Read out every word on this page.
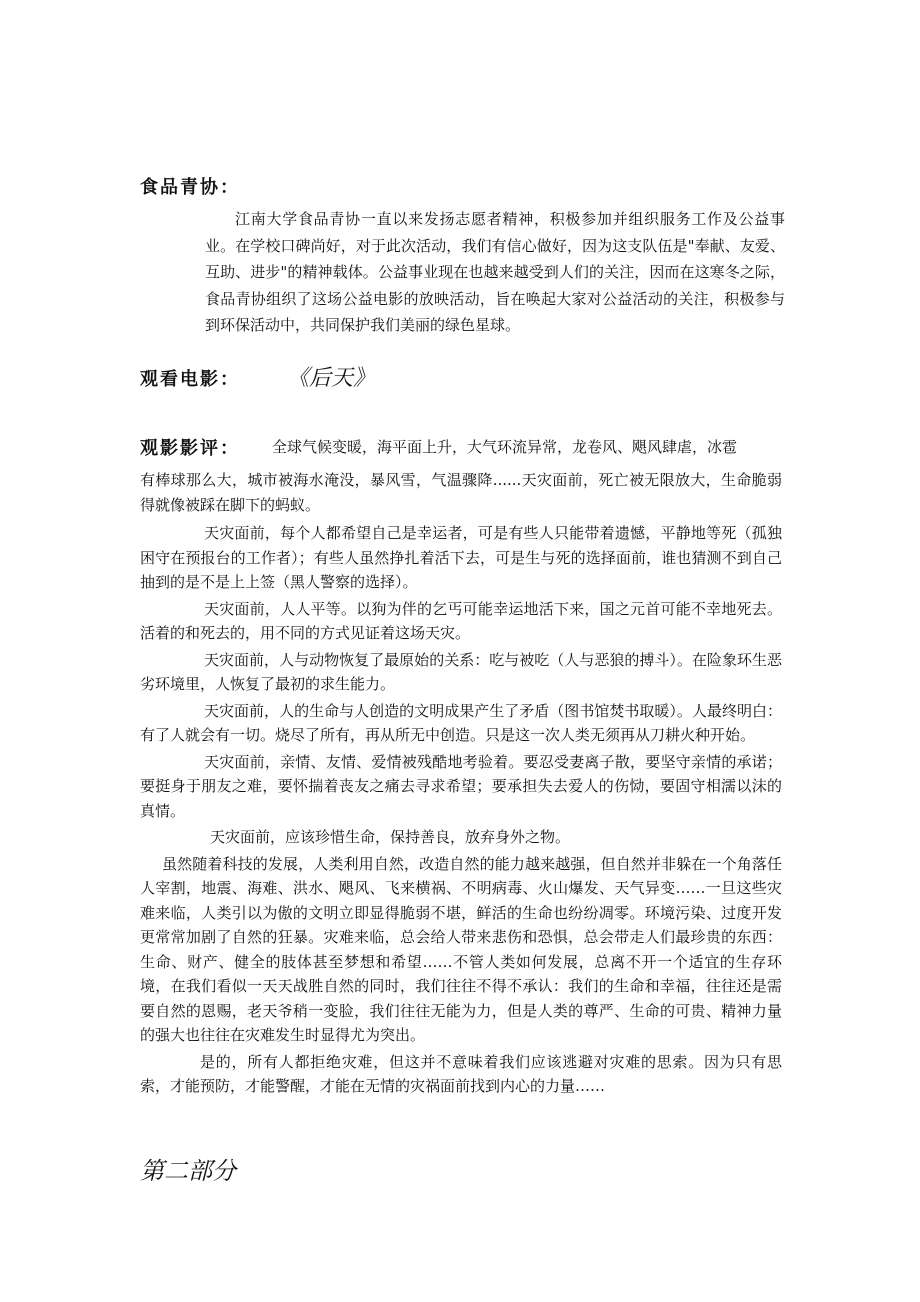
食品青协：

江南大学食品青协一直以来发扬志愿者精神，积极参加并组织服务工作及公益事业。在学校口碑尚好，对于此次活动，我们有信心做好，因为这支队伍是"奉献、友爱、互助、进步"的精神载体。公益事业现在也越来越受到人们的关注，因而在这寒冬之际，食品青协组织了这场公益电影的放映活动，旨在唤起大家对公益活动的关注，积极参与到环保活动中，共同保护我们美丽的绿色星球。

观看电影： 《后天》
观影影评： 全球气候变暖，海平面上升，大气环流异常，龙卷风、飓风肆虐，冰雹

有棒球那么大，城市被海水淹没，暴风雪，气温骤降......天灾面前，死亡被无限放大，生命脆弱得就像被踩在脚下的蚂蚁。

天灾面前，每个人都希望自己是幸运者，可是有些人只能带着遗憾，平静地等死（孤独困守在预报台的工作者）；有些人虽然挣扎着活下去，可是生与死的选择面前，谁也猜测不到自己抽到的是不是上上签（黑人警察的选择）。

天灾面前，人人平等。以狗为伴的乞丐可能幸运地活下来，国之元首可能不幸地死去。活着的和死去的，用不同的方式见证着这场天灾。

天灾面前，人与动物恢复了最原始的关系：吃与被吃（人与恶狼的搏斗）。在险象环生恶劣环境里，人恢复了最初的求生能力。

天灾面前，人的生命与人创造的文明成果产生了矛盾（图书馆焚书取暖）。人最终明白：有了人就会有一切。烧尽了所有，再从所无中创造。只是这一次人类无须再从刀耕火种开始。

天灾面前，亲情、友情、爱情被残酷地考验着。要忍受妻离子散，要坚守亲情的承诺；要挺身于朋友之难，要怀揣着丧友之痛去寻求希望；要承担失去爱人的伤恸，要固守相濡以沫的真情。

天灾面前，应该珍惜生命，保持善良，放弃身外之物。

虽然随着科技的发展，人类利用自然，改造自然的能力越来越强，但自然并非躲在一个角落任人宰割，地震、海难、洪水、飓风、飞来横祸、不明病毒、火山爆发、天气异变……一旦这些灾难来临，人类引以为傲的文明立即显得脆弱不堪，鲜活的生命也纷纷凋零。环境污染、过度开发更常常加剧了自然的狂暴。灾难来临，总会给人带来悲伤和恐惧，总会带走人们最珍贵的东西：生命、财产、健全的肢体甚至梦想和希望……不管人类如何发展，总离不开一个适宜的生存环境，在我们看似一天天战胜自然的同时，我们往往不得不承认：我们的生命和幸福，往往还是需要自然的恩赐，老天爷稍一变脸，我们往往无能为力，但是人类的尊严、生命的可贵、精神力量的强大也往往在灾难发生时显得尤为突出。

是的，所有人都拒绝灾难，但这并不意味着我们应该逃避对灾难的思索。因为只有思索，才能预防，才能警醒，才能在无情的灾祸面前找到内心的力量……

第二部分
